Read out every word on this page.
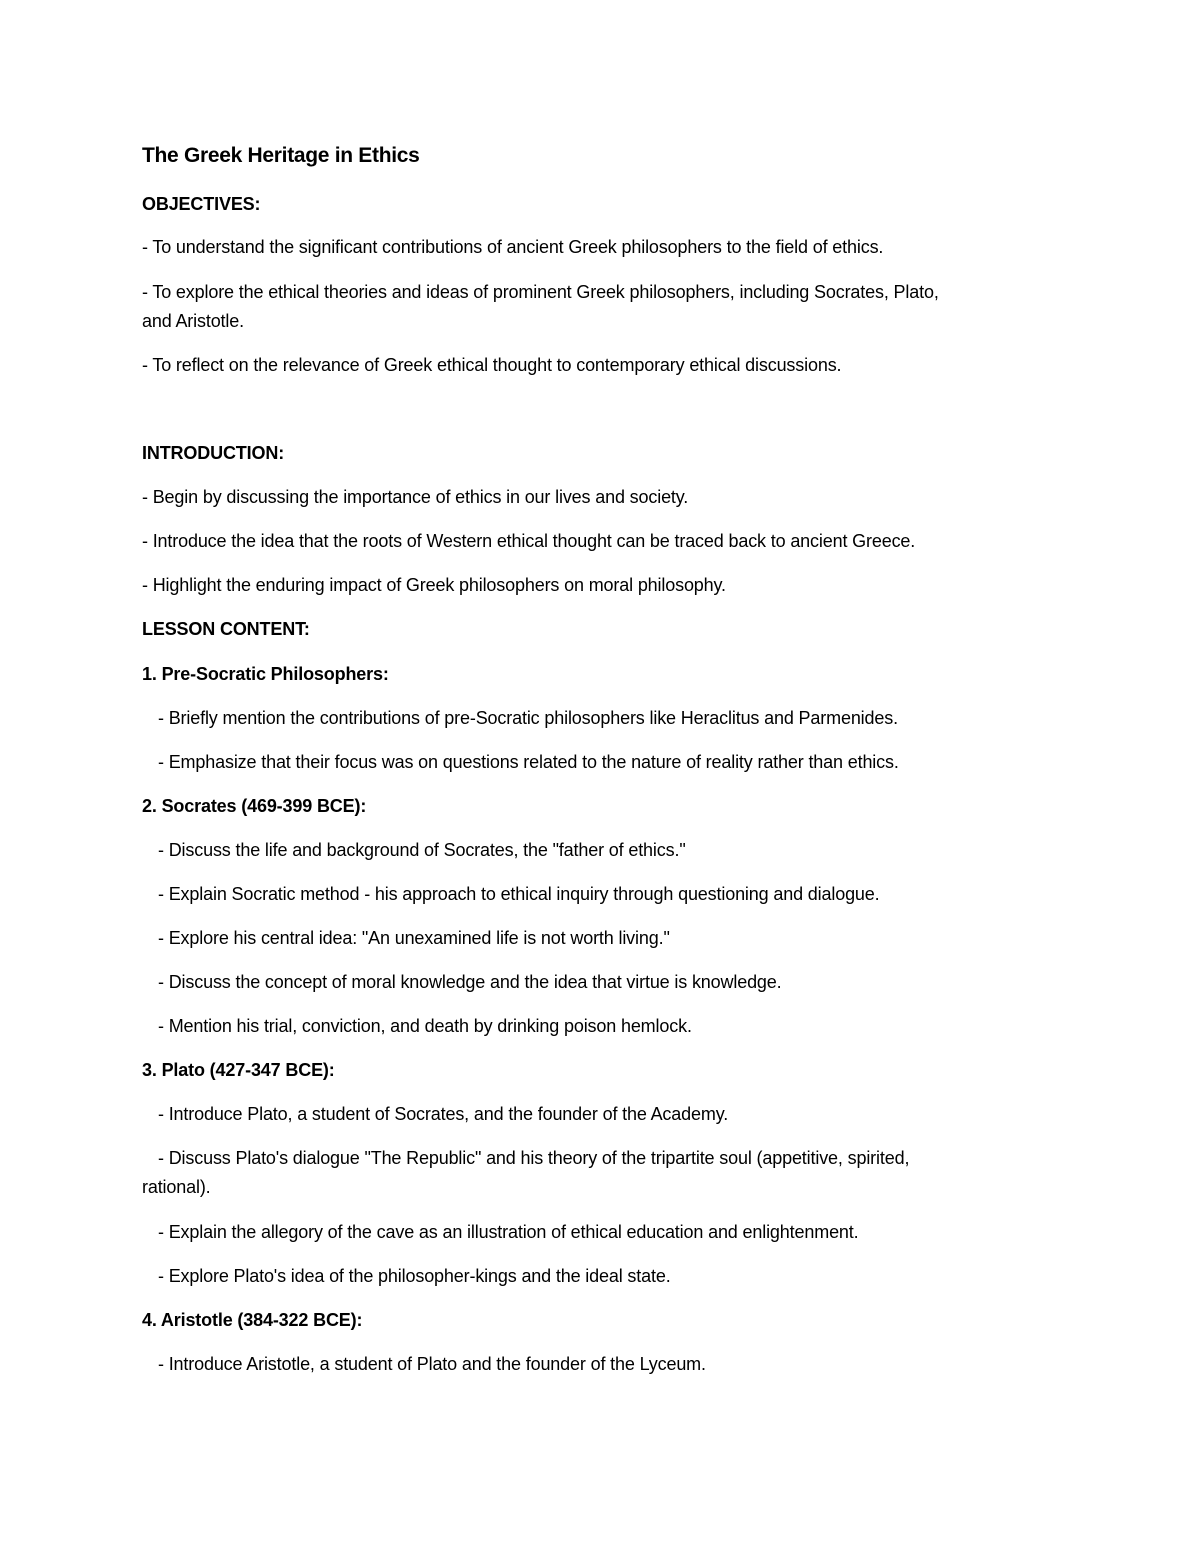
The Greek Heritage in Ethics
OBJECTIVES:
- To understand the significant contributions of ancient Greek philosophers to the field of ethics.
- To explore the ethical theories and ideas of prominent Greek philosophers, including Socrates, Plato,
and Aristotle.
- To reflect on the relevance of Greek ethical thought to contemporary ethical discussions.
INTRODUCTION:
- Begin by discussing the importance of ethics in our lives and society.
- Introduce the idea that the roots of Western ethical thought can be traced back to ancient Greece.
- Highlight the enduring impact of Greek philosophers on moral philosophy.
LESSON CONTENT:
1. Pre-Socratic Philosophers:
- Briefly mention the contributions of pre-Socratic philosophers like Heraclitus and Parmenides.
- Emphasize that their focus was on questions related to the nature of reality rather than ethics.
2. Socrates (469-399 BCE):
- Discuss the life and background of Socrates, the "father of ethics."
- Explain Socratic method - his approach to ethical inquiry through questioning and dialogue.
- Explore his central idea: "An unexamined life is not worth living."
- Discuss the concept of moral knowledge and the idea that virtue is knowledge.
- Mention his trial, conviction, and death by drinking poison hemlock.
3. Plato (427-347 BCE):
- Introduce Plato, a student of Socrates, and the founder of the Academy.
- Discuss Plato's dialogue "The Republic" and his theory of the tripartite soul (appetitive, spirited,
rational).
- Explain the allegory of the cave as an illustration of ethical education and enlightenment.
- Explore Plato's idea of the philosopher-kings and the ideal state.
4. Aristotle (384-322 BCE):
- Introduce Aristotle, a student of Plato and the founder of the Lyceum.
